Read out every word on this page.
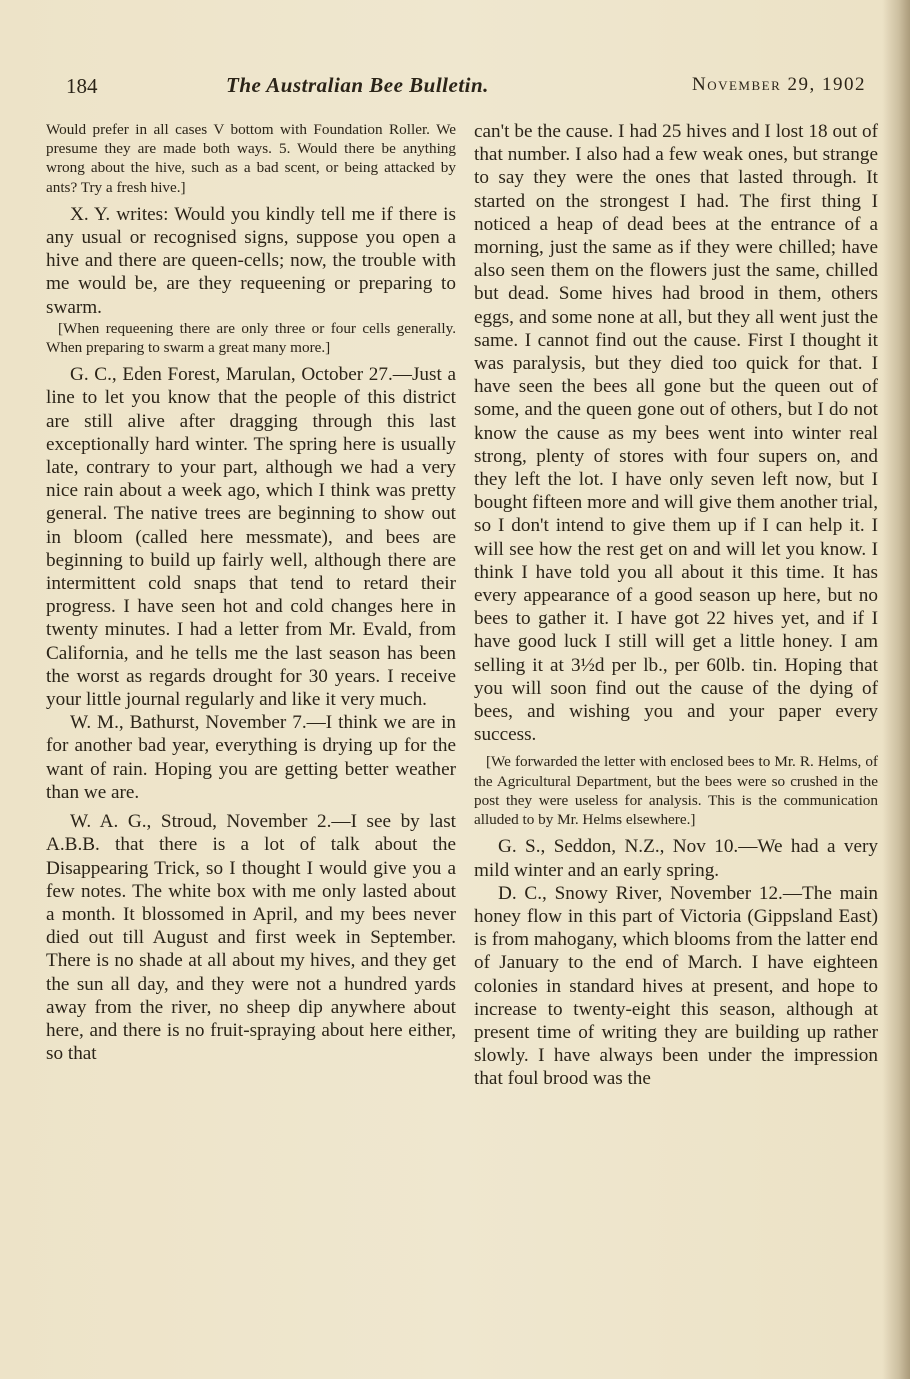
184	The Australian Bee Bulletin.	November 29, 1902

Would prefer in all cases V bottom with Foundation Roller. We presume they are made both ways. 5. Would there be anything wrong about the hive, such as a bad scent, or being attacked by ants? Try a fresh hive.]

X. Y. writes: Would you kindly tell me if there is any usual or recognised signs, suppose you open a hive and there are queen-cells; now, the trouble with me would be, are they requeening or preparing to swarm.

[When requeening there are only three or four cells generally. When preparing to swarm a great many more.]

G. C., Eden Forest, Marulan, October 27.—Just a line to let you know that the people of this district are still alive after dragging through this last exceptionally hard winter. The spring here is usually late, contrary to your part, although we had a very nice rain about a week ago, which I think was pretty general. The native trees are beginning to show out in bloom (called here messmate), and bees are beginning to build up fairly well, although there are intermittent cold snaps that tend to retard their progress. I have seen hot and cold changes here in twenty minutes. I had a letter from Mr. Evald, from California, and he tells me the last season has been the worst as regards drought for 30 years. I receive your little journal regularly and like it very much.

W. M., Bathurst, November 7.—I think we are in for another bad year, everything is drying up for the want of rain. Hoping you are getting better weather than we are.

W. A. G., Stroud, November 2.—I see by last A.B.B. that there is a lot of talk about the Disappearing Trick, so I thought I would give you a few notes. The white box with me only lasted about a month. It blossomed in April, and my bees never died out till August and first week in September. There is no shade at all about my hives, and they get the sun all day, and they were not a hundred yards away from the river, no sheep dip anywhere about here, and there is no fruit-spraying about here either, so that

can't be the cause. I had 25 hives and I lost 18 out of that number. I also had a few weak ones, but strange to say they were the ones that lasted through. It started on the strongest I had. The first thing I noticed a heap of dead bees at the entrance of a morning, just the same as if they were chilled; have also seen them on the flowers just the same, chilled but dead. Some hives had brood in them, others eggs, and some none at all, but they all went just the same. I cannot find out the cause. First I thought it was paralysis, but they died too quick for that. I have seen the bees all gone but the queen out of some, and the queen gone out of others, but I do not know the cause as my bees went into winter real strong, plenty of stores with four supers on, and they left the lot. I have only seven left now, but I bought fifteen more and will give them another trial, so I don't intend to give them up if I can help it. I will see how the rest get on and will let you know. I think I have told you all about it this time. It has every appearance of a good season up here, but no bees to gather it. I have got 22 hives yet, and if I have good luck I still will get a little honey. I am selling it at 3½d per lb., per 60lb. tin. Hoping that you will soon find out the cause of the dying of bees, and wishing you and your paper every success.

[We forwarded the letter with enclosed bees to Mr. R. Helms, of the Agricultural Department, but the bees were so crushed in the post they were useless for analysis. This is the communication alluded to by Mr. Helms elsewhere.]

G. S., Seddon, N.Z., Nov 10.—We had a very mild winter and an early spring.

D. C., Snowy River, November 12.—The main honey flow in this part of Victoria (Gippsland East) is from mahogany, which blooms from the latter end of January to the end of March. I have eighteen colonies in standard hives at present, and hope to increase to twenty-eight this season, although at present time of writing they are building up rather slowly. I have always been under the impression that foul brood was the
